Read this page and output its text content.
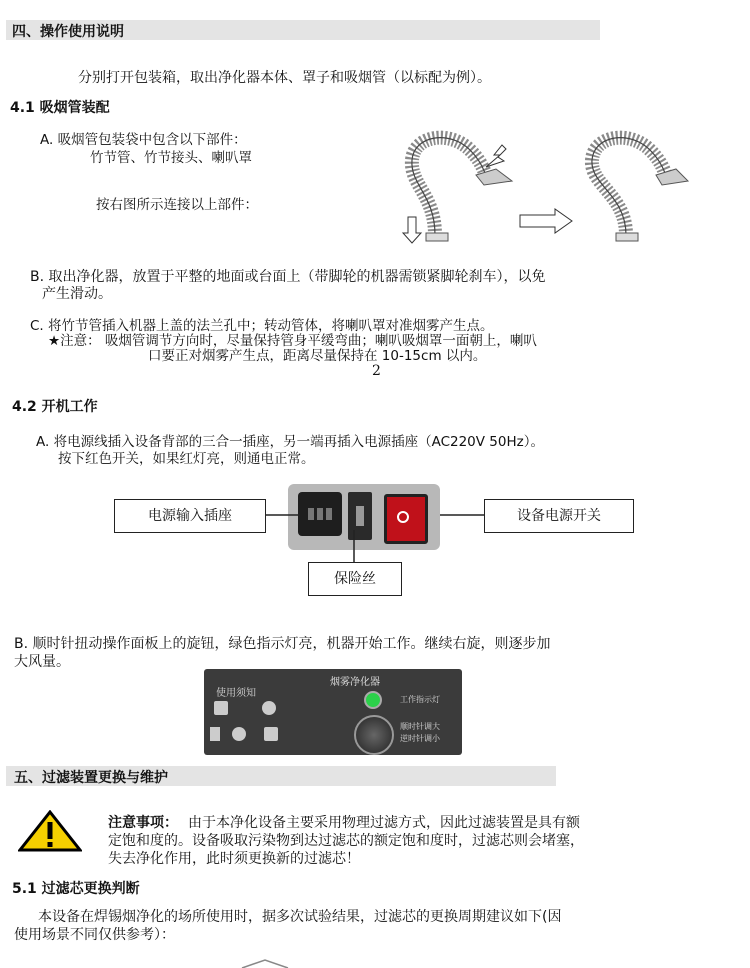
四、操作使用说明
分别打开包装箱，取出净化器本体、罩子和吸烟管（以标配为例）。
4.1 吸烟管装配
A. 吸烟管包装袋中包含以下部件：
竹节管、竹节接头、喇叭罩
按右图所示连接以上部件：
B. 取出净化器，放置于平整的地面或台面上（带脚轮的机器需锁紧脚轮刹车），以免
产生滑动。
C. 将竹节管插入机器上盖的法兰孔中；转动管体，将喇叭罩对准烟雾产生点。
★注意： 吸烟管调节方向时，尽量保持管身平缓弯曲；喇叭吸烟罩一面朝上，喇叭
口要正对烟雾产生点，距离尽量保持在 10-15cm 以内。
2
4.2 开机工作
A. 将电源线插入设备背部的三合一插座，另一端再插入电源插座（AC220V 50Hz）。
按下红色开关，如果红灯亮，则通电正常。
电源输入插座	设备电源开关
保险丝
B. 顺时针扭动操作面板上的旋钮，绿色指示灯亮，机器开始工作。继续右旋，则逐步加
大风量。
烟雾净化器
使用须知
工作指示灯
顺时针调大
逆时针调小
五、过滤装置更换与维护
注意事项： 由于本净化设备主要采用物理过滤方式，因此过滤装置是具有额
定饱和度的。设备吸取污染物到达过滤芯的额定饱和度时，过滤芯则会堵塞，
失去净化作用，此时须更换新的过滤芯！
5.1 过滤芯更换判断
本设备在焊锡烟净化的场所使用时，据多次试验结果，过滤芯的更换周期建议如下(因
使用场景不同仅供参考）：
